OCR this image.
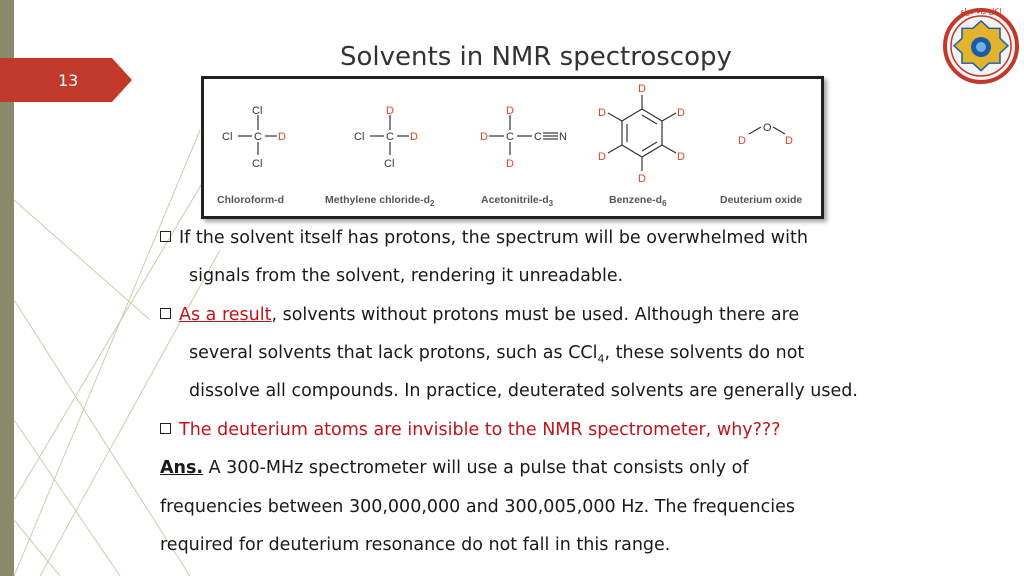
13
Solvents in NMR spectroscopy
لكل داء دواء
Cl
Cl C
Cl
Cl C
Cl
C C N
O
D
D
D
D
D
D
D
D
D
D
D
D
D	D
Chloroform-d	Methylene chloride-$d_2$	Acetonitrile-$d_3$	Benzene-$d_6$	Deuterium oxide
If the solvent itself has protons, the spectrum will be overwhelmed with
signals from the solvent, rendering it unreadable.
As a result, solvents without protons must be used. Although there are
several solvents that lack protons, such as CCl$_4$, these solvents do not
dissolve all compounds. In practice, deuterated solvents are generally used.
The deuterium atoms are invisible to the NMR spectrometer, why???
Ans. A 300-MHz spectrometer will use a pulse that consists only of
frequencies between 300,000,000 and 300,005,000 Hz. The frequencies
required for deuterium resonance do not fall in this range.
